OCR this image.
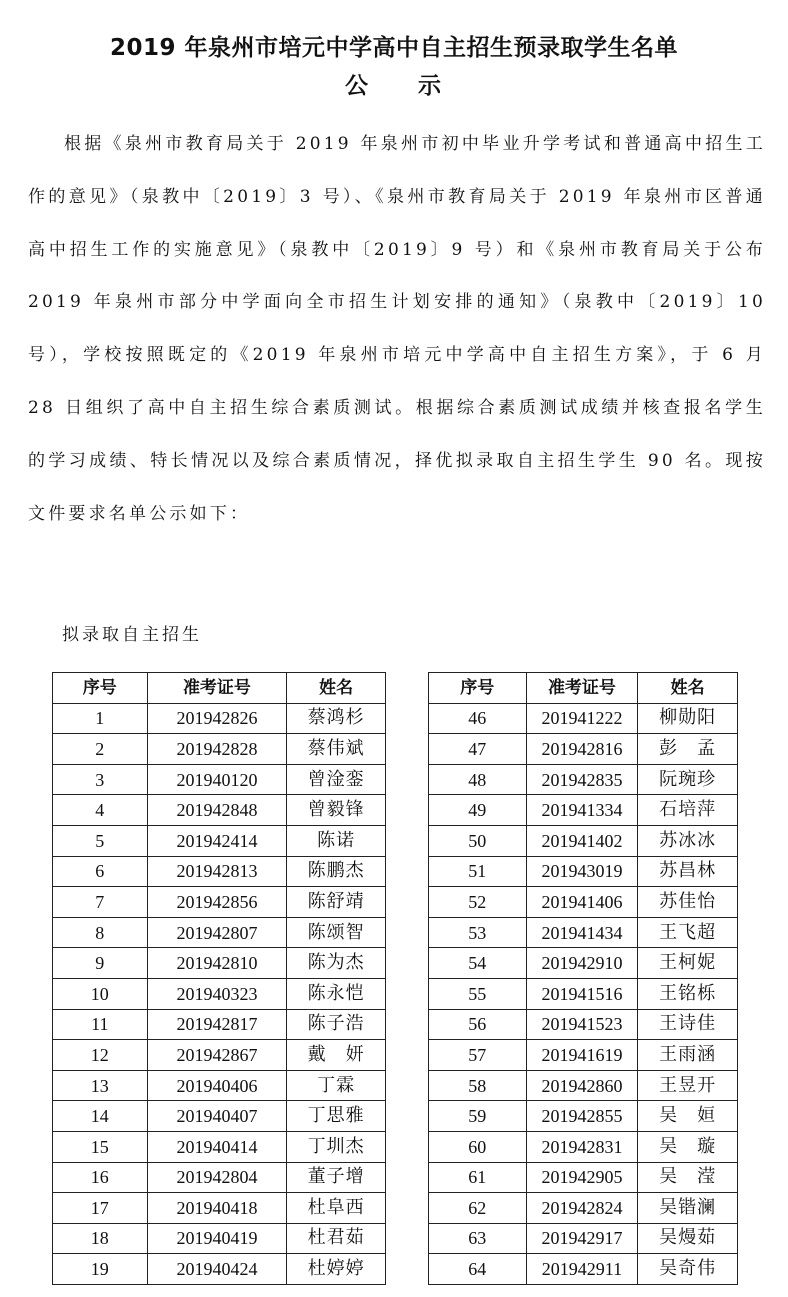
2019 年泉州市培元中学高中自主招生预录取学生名单
公 示

根据《泉州市教育局关于 2019 年泉州市初中毕业升学考试和普通高中招生工作的意见》（泉教中〔2019〕3 号）、《泉州市教育局关于 2019 年泉州市区普通高中招生工作的实施意见》（泉教中〔2019〕9 号）和《泉州市教育局关于公布 2019 年泉州市部分中学面向全市招生计划安排的通知》（泉教中〔2019〕10 号），学校按照既定的《2019 年泉州市培元中学高中自主招生方案》，于 6 月 28 日组织了高中自主招生综合素质测试。根据综合素质测试成绩并核查报名学生的学习成绩、特长情况以及综合素质情况，择优拟录取自主招生学生 90 名。现按文件要求名单公示如下：

拟录取自主招生
序号	准考证号	姓名
1	201942826	蔡鸿杉
2	201942828	蔡伟斌
3	201940120	曾淦銮
4	201942848	曾毅锋
5	201942414	陈诺
6	201942813	陈鹏杰
7	201942856	陈舒靖
8	201942807	陈颂智
9	201942810	陈为杰
10	201940323	陈永恺
11	201942817	陈子浩
12	201942867	戴　妍
13	201940406	丁霖
14	201940407	丁思雅
15	201940414	丁圳杰
16	201942804	董子增
17	201940418	杜阜西
18	201940419	杜君茹
19	201940424	杜婷婷
序号	准考证号	姓名
46	201941222	柳勋阳
47	201942816	彭　孟
48	201942835	阮琬珍
49	201941334	石培萍
50	201941402	苏冰冰
51	201943019	苏昌林
52	201941406	苏佳怡
53	201941434	王飞超
54	201942910	王柯妮
55	201941516	王铭栎
56	201941523	王诗佳
57	201941619	王雨涵
58	201942860	王昱开
59	201942855	吴　姮
60	201942831	吴　璇
61	201942905	吴　滢
62	201942824	吴锴澜
63	201942917	吴熳茹
64	201942911	吴奇伟
